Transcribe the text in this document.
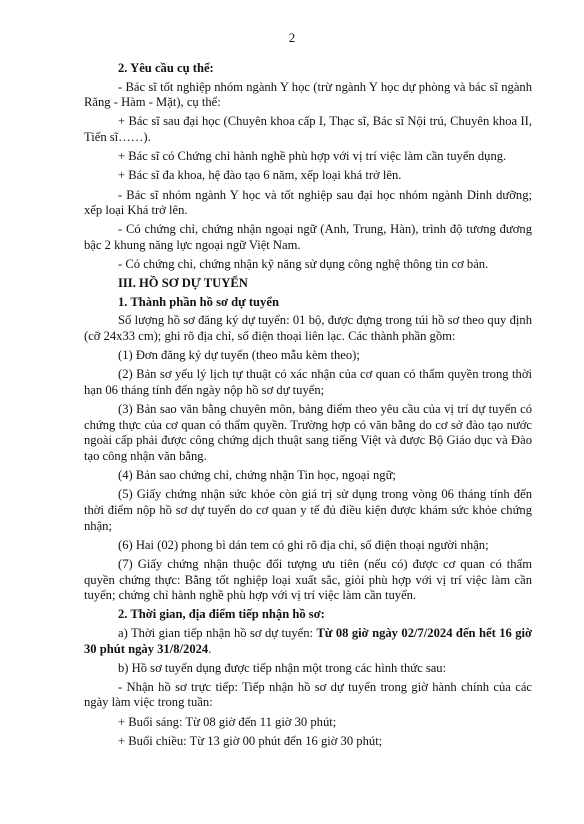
2
2. Yêu cầu cụ thể:
- Bác sĩ tốt nghiệp nhóm ngành Y học (trừ ngành Y học dự phòng và bác sĩ ngành Răng - Hàm - Mặt), cụ thể:
+ Bác sĩ sau đại học (Chuyên khoa cấp I, Thạc sĩ, Bác sĩ Nội trú, Chuyên khoa II, Tiến sĩ……).
+ Bác sĩ có Chứng chỉ hành nghề phù hợp với vị trí việc làm cần tuyển dụng.
+ Bác sĩ đa khoa, hệ đào tạo 6 năm, xếp loại khá trở lên.
- Bác sĩ nhóm ngành Y học và tốt nghiệp sau đại học nhóm ngành Dinh dưỡng; xếp loại Khá trở lên.
- Có chứng chỉ, chứng nhận ngoại ngữ (Anh, Trung, Hàn), trình độ tương đương bậc 2 khung năng lực ngoại ngữ Việt Nam.
- Có chứng chỉ, chứng nhận kỹ năng sử dụng công nghệ thông tin cơ bản.
III. HỒ SƠ DỰ TUYỂN
1. Thành phần hồ sơ dự tuyển
Số lượng hồ sơ đăng ký dự tuyển: 01 bộ, được đựng trong túi hồ sơ theo quy định (cỡ 24x33 cm); ghi rõ địa chỉ, số điện thoại liên lạc. Các thành phần gồm:
(1) Đơn đăng ký dự tuyển (theo mẫu kèm theo);
(2) Bản sơ yếu lý lịch tự thuật có xác nhận của cơ quan có thẩm quyền trong thời hạn 06 tháng tính đến ngày nộp hồ sơ dự tuyển;
(3) Bản sao văn bằng chuyên môn, bảng điểm theo yêu cầu của vị trí dự tuyển có chứng thực của cơ quan có thẩm quyền. Trường hợp có văn bằng do cơ sở đào tạo nước ngoài cấp phải được công chứng dịch thuật sang tiếng Việt và được Bộ Giáo dục và Đào tạo công nhận văn bằng.
(4) Bản sao chứng chỉ, chứng nhận Tin học, ngoại ngữ;
(5) Giấy chứng nhận sức khỏe còn giá trị sử dụng trong vòng 06 tháng tính đến thời điểm nộp hồ sơ dự tuyển do cơ quan y tế đủ điều kiện được khám sức khỏe chứng nhận;
(6) Hai (02) phong bì dán tem có ghi rõ địa chỉ, số điện thoại người nhận;
(7) Giấy chứng nhận thuộc đối tượng ưu tiên (nếu có) được cơ quan có thẩm quyền chứng thực: Bằng tốt nghiệp loại xuất sắc, giỏi phù hợp với vị trí việc làm cần tuyển; chứng chỉ hành nghề phù hợp với vị trí việc làm cần tuyển.
2. Thời gian, địa điểm tiếp nhận hồ sơ:
a) Thời gian tiếp nhận hồ sơ dự tuyển: Từ 08 giờ ngày 02/7/2024 đến hết 16 giờ 30 phút ngày 31/8/2024.
b) Hồ sơ tuyển dụng được tiếp nhận một trong các hình thức sau:
- Nhận hồ sơ trực tiếp: Tiếp nhận hồ sơ dự tuyển trong giờ hành chính của các ngày làm việc trong tuần:
+ Buổi sáng: Từ 08 giờ đến 11 giờ 30 phút;
+ Buổi chiều: Từ 13 giờ 00 phút đến 16 giờ 30 phút;
